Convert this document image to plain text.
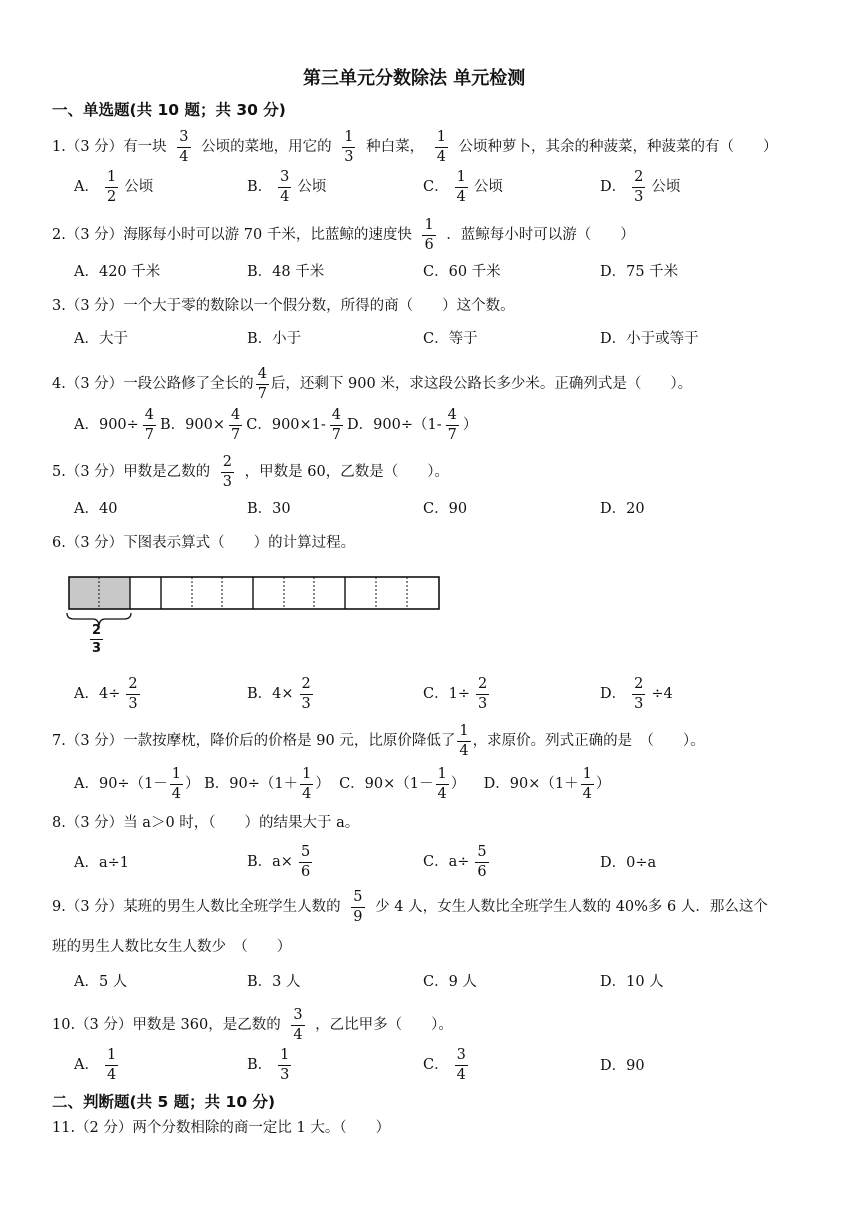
第三单元分数除法 单元检测
一、单选题(共 10 题；共 30 分)
1.（3 分）有一块 $\frac{3}{4}$ 公顷的菜地，用它的 $\frac{1}{3}$ 种白菜， $\frac{1}{4}$ 公顷种萝卜，其余的种菠菜，种菠菜的有（　　）
A． $\frac{1}{2}$ 公顷	B． $\frac{3}{4}$ 公顷	C． $\frac{1}{4}$ 公顷	D． $\frac{2}{3}$ 公顷
2.（3 分）海豚每小时可以游 70 千米，比蓝鲸的速度快 $\frac{1}{6}$ ．蓝鲸每小时可以游（　　）
A．420 千米	B．48 千米	C．60 千米	D．75 千米
3.（3 分）一个大于零的数除以一个假分数，所得的商（　　）这个数。
A．大于	B．小于	C．等于	D．小于或等于
4.（3 分）一段公路修了全长的 $\frac{4}{7}$ 后，还剩下 900 米，求这段公路长多少米。正确列式是（　　）。
A．$900\div \frac{4}{7}$ B．$900\times \frac{4}{7}$ C．$900\times 1- \frac{4}{7}$ D．$900\div(1- \frac{4}{7}$ ）
5.（3 分）甲数是乙数的 $\frac{2}{3}$ ，甲数是 60，乙数是（　　）。
A．40	B．30	C．90	D．20
6.（3 分）下图表示算式（　　）的计算过程。
$\frac{2}{3}$
A．$4\div \frac{2}{3}$	B．$4\times \frac{2}{3}$	C．$1\div \frac{2}{3}$	D． $\frac{2}{3} \div 4$
7.（3 分）一款按摩枕，降价后的价格是 90 元，比原价降低了 $\frac{1}{4}$ ，求原价。列式正确的是　（　　）。
A．$90\div(1- \frac{1}{4}$ ） B．$90\div(1+ \frac{1}{4}$ ） C．$90\times(1- \frac{1}{4}$ ） D．$90\times(1+ \frac{1}{4}$ ）
8.（3 分）当 a＞0 时，（　　）的结果大于 a。
A．a÷1	B．$a\times \frac{5}{6}$	C．$a\div \frac{5}{6}$	D．0÷a
9.（3 分）某班的男生人数比全班学生人数的 $\frac{5}{9}$ 少 4 人，女生人数比全班学生人数的 40%多 6 人．那么这个
班的男生人数比女生人数少　（　　）
A．5 人	B．3 人	C．9 人	D．10 人
10.（3 分）甲数是 360，是乙数的 $\frac{3}{4}$ ，乙比甲多（　　）。
A． $\frac{1}{4}$	B． $\frac{1}{3}$	C． $\frac{3}{4}$	D．90
二、判断题(共 5 题；共 10 分)
11.（2 分）两个分数相除的商一定比 1 大。（　　）
